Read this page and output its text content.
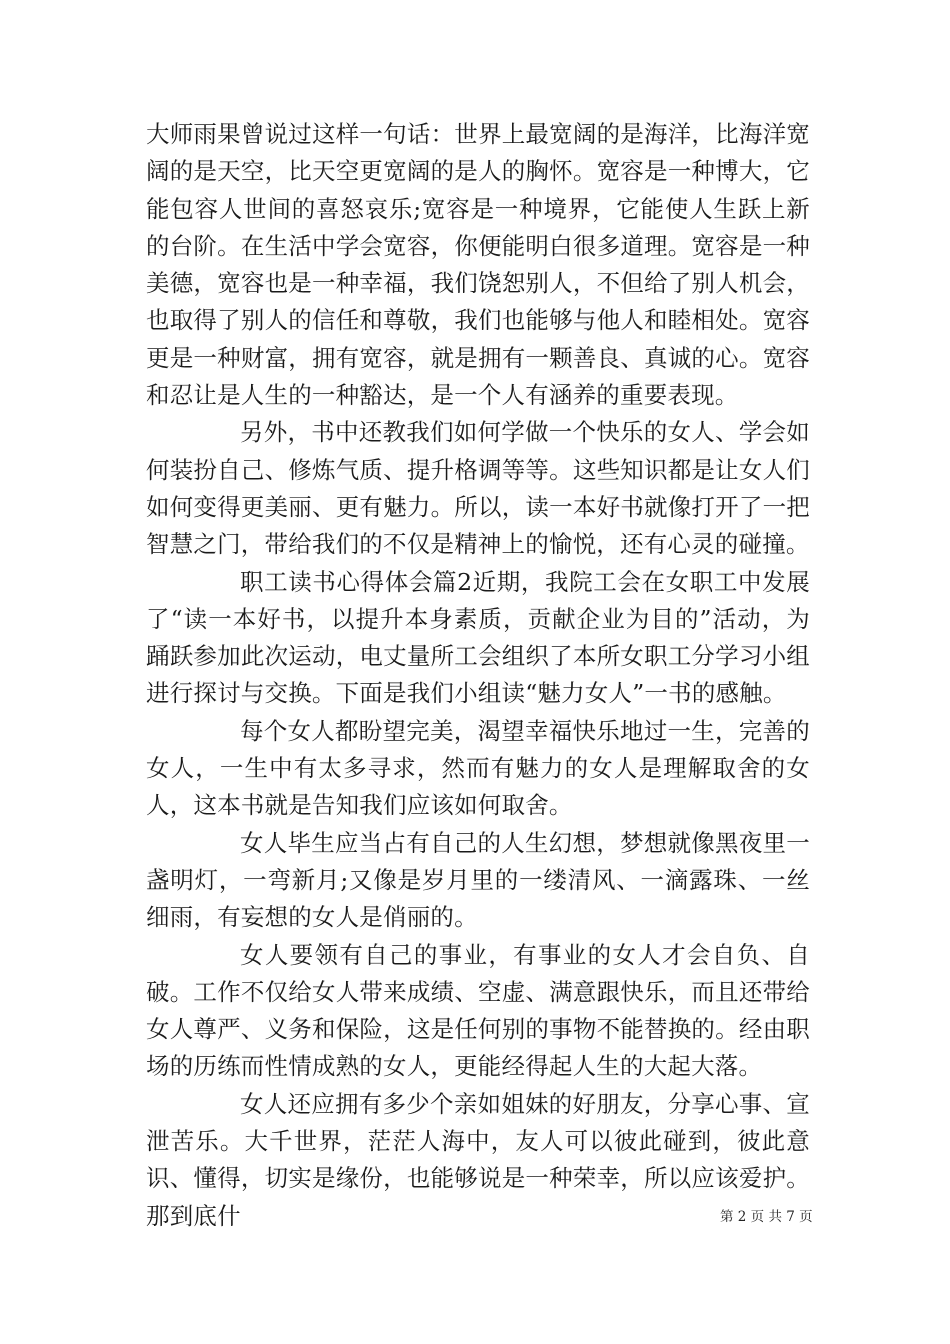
大师雨果曾说过这样一句话：世界上最宽阔的是海洋，比海洋宽阔的是天空，比天空更宽阔的是人的胸怀。宽容是一种博大，它能包容人世间的喜怒哀乐;宽容是一种境界，它能使人生跃上新的台阶。在生活中学会宽容，你便能明白很多道理。宽容是一种美德，宽容也是一种幸福，我们饶恕别人，不但给了别人机会，也取得了别人的信任和尊敬，我们也能够与他人和睦相处。宽容更是一种财富，拥有宽容，就是拥有一颗善良、真诚的心。宽容和忍让是人生的一种豁达，是一个人有涵养的重要表现。

另外，书中还教我们如何学做一个快乐的女人、学会如何装扮自己、修炼气质、提升格调等等。这些知识都是让女人们如何变得更美丽、更有魅力。所以，读一本好书就像打开了一把智慧之门，带给我们的不仅是精神上的愉悦，还有心灵的碰撞。

职工读书心得体会篇2近期，我院工会在女职工中发展了“读一本好书，以提升本身素质，贡献企业为目的”活动，为踊跃参加此次运动，电丈量所工会组织了本所女职工分学习小组进行探讨与交换。下面是我们小组读“魅力女人”一书的感触。

每个女人都盼望完美，渴望幸福快乐地过一生，完善的女人，一生中有太多寻求，然而有魅力的女人是理解取舍的女人，这本书就是告知我们应该如何取舍。

女人毕生应当占有自己的人生幻想，梦想就像黑夜里一盏明灯，一弯新月;又像是岁月里的一缕清风、一滴露珠、一丝细雨，有妄想的女人是俏丽的。

女人要领有自己的事业，有事业的女人才会自负、自破。工作不仅给女人带来成绩、空虚、满意跟快乐，而且还带给女人尊严、义务和保险，这是任何别的事物不能替换的。经由职场的历练而性情成熟的女人，更能经得起人生的大起大落。

女人还应拥有多少个亲如姐妹的好朋友，分享心事、宣泄苦乐。大千世界，茫茫人海中，友人可以彼此碰到，彼此意识、懂得，切实是缘份，也能够说是一种荣幸，所以应该爱护。那到底什	第 2 页 共 7 页
